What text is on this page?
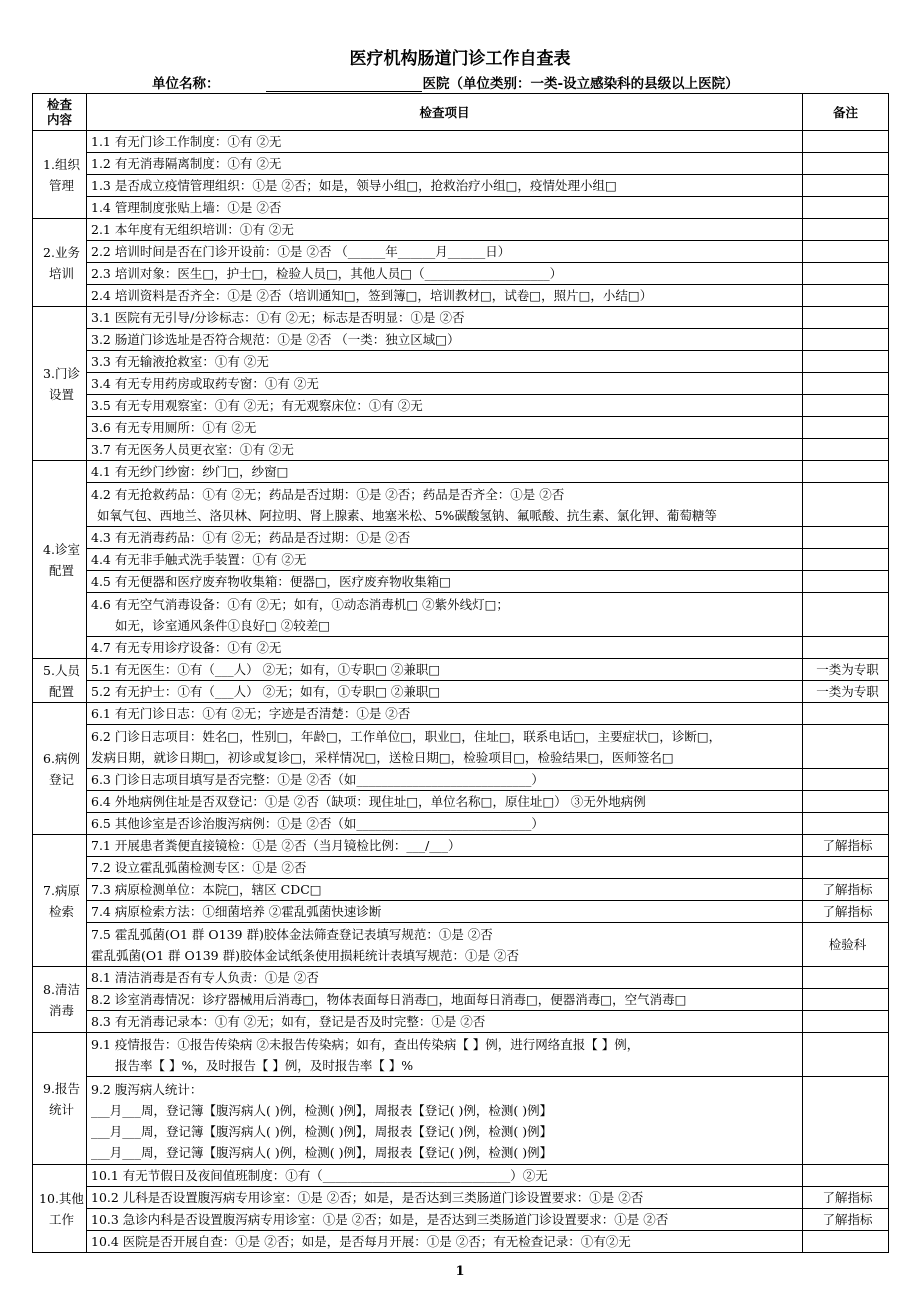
医疗机构肠道门诊工作自查表
单位名称：	医院（单位类别：一类-设立感染科的县级以上医院）
检查内容	检查项目	备注

1.组织
管理	1.1 有无门诊工作制度：①有 ②无	

	1.2 有无消毒隔离制度：①有 ②无	

	1.3 是否成立疫情管理组织：①是 ②否；如是，领导小组□，抢救治疗小组□，疫情处理小组□	

	1.4 管理制度张贴上墙：①是 ②否	

2.业务
培训	2.1 本年度有无组织培训：①有 ②无	

	2.2 培训时间是否在门诊开设前：①是 ②否 （______年______月______日）	

	2.3 培训对象：医生□，护士□，检验人员□，其他人员□（____________________）	

	2.4 培训资料是否齐全：①是 ②否（培训通知□，签到簿□，培训教材□，试卷□，照片□，小结□）	

3.门诊
设置	3.1 医院有无引导/分诊标志：①有 ②无；标志是否明显：①是 ②否	

	3.2 肠道门诊选址是否符合规范：①是 ②否 （一类：独立区域□）	

	3.3 有无输液抢救室：①有 ②无	

	3.4 有无专用药房或取药专窗：①有 ②无	

	3.5 有无专用观察室：①有 ②无；有无观察床位：①有 ②无	

	3.6 有无专用厕所：①有 ②无	

	3.7 有无医务人员更衣室：①有 ②无	

4.诊室
配置	4.1 有无纱门纱窗：纱门□，纱窗□	

	4.2 有无抢救药品：①有 ②无；药品是否过期：①是 ②否；药品是否齐全：①是 ②否
如氧气包、西地兰、洛贝林、阿拉明、肾上腺素、地塞米松、5%碳酸氢钠、氟哌酸、抗生素、氯化钾、葡萄糖等	

	4.3 有无消毒药品：①有 ②无；药品是否过期：①是 ②否	

	4.4 有无非手触式洗手装置：①有 ②无	

	4.5 有无便器和医疗废弃物收集箱：便器□，医疗废弃物收集箱□	

	4.6 有无空气消毒设备：①有 ②无；如有，①动态消毒机□ ②紫外线灯□；
如无，诊室通风条件①良好□ ②较差□	

	4.7 有无专用诊疗设备：①有 ②无	

5.人员
配置	5.1 有无医生：①有（___人） ②无；如有，①专职□ ②兼职□	一类为专职

	5.2 有无护士：①有（___人） ②无；如有，①专职□ ②兼职□	一类为专职

6.病例
登记	6.1 有无门诊日志：①有 ②无；字迹是否清楚：①是 ②否	

	6.2 门诊日志项目：姓名□，性别□，年龄□，工作单位□，职业□，住址□，联系电话□，主要症状□，诊断□，
发病日期，就诊日期□，初诊或复诊□，采样情况□，送检日期□，检验项目□，检验结果□，医师签名□	

	6.3 门诊日志项目填写是否完整：①是 ②否（如____________________________）	

	6.4 外地病例住址是否双登记：①是 ②否（缺项：现住址□，单位名称□，原住址□） ③无外地病例	

	6.5 其他诊室是否诊治腹泻病例：①是 ②否（如____________________________）	

7.病原
检索	7.1 开展患者粪便直接镜检：①是 ②否（当月镜检比例：___/___）	了解指标

	7.2 设立霍乱弧菌检测专区：①是 ②否	

	7.3 病原检测单位：本院□，辖区 CDC□	了解指标

	7.4 病原检索方法：①细菌培养 ②霍乱弧菌快速诊断	了解指标

	7.5 霍乱弧菌(O1 群 O139 群)胶体金法筛查登记表填写规范：①是 ②否
霍乱弧菌(O1 群 O139 群)胶体金试纸条使用损耗统计表填写规范：①是 ②否	检验科

8.清洁
消毒	8.1 清洁消毒是否有专人负责：①是 ②否	

	8.2 诊室消毒情况：诊疗器械用后消毒□，物体表面每日消毒□，地面每日消毒□，便器消毒□，空气消毒□	

	8.3 有无消毒记录本：①有 ②无；如有，登记是否及时完整：①是 ②否	

9.报告
统计	9.1 疫情报告：①报告传染病 ②未报告传染病；如有，查出传染病【 】例，进行网络直报【 】例，
报告率【 】%，及时报告【 】例，及时报告率【 】%	

	9.2 腹泻病人统计：
___月___周，登记簿【腹泻病人( )例，检测( )例】，周报表【登记( )例，检测( )例】
___月___周，登记簿【腹泻病人( )例，检测( )例】，周报表【登记( )例，检测( )例】
___月___周，登记簿【腹泻病人( )例，检测( )例】，周报表【登记( )例，检测( )例】	

10.其他
工作	10.1 有无节假日及夜间值班制度：①有（______________________________）②无	

	10.2 儿科是否设置腹泻病专用诊室：①是 ②否；如是，是否达到三类肠道门诊设置要求：①是 ②否	了解指标

	10.3 急诊内科是否设置腹泻病专用诊室：①是 ②否；如是，是否达到三类肠道门诊设置要求：①是 ②否	了解指标

	10.4 医院是否开展自查：①是 ②否；如是，是否每月开展：①是 ②否；有无检查记录：①有②无	

1
